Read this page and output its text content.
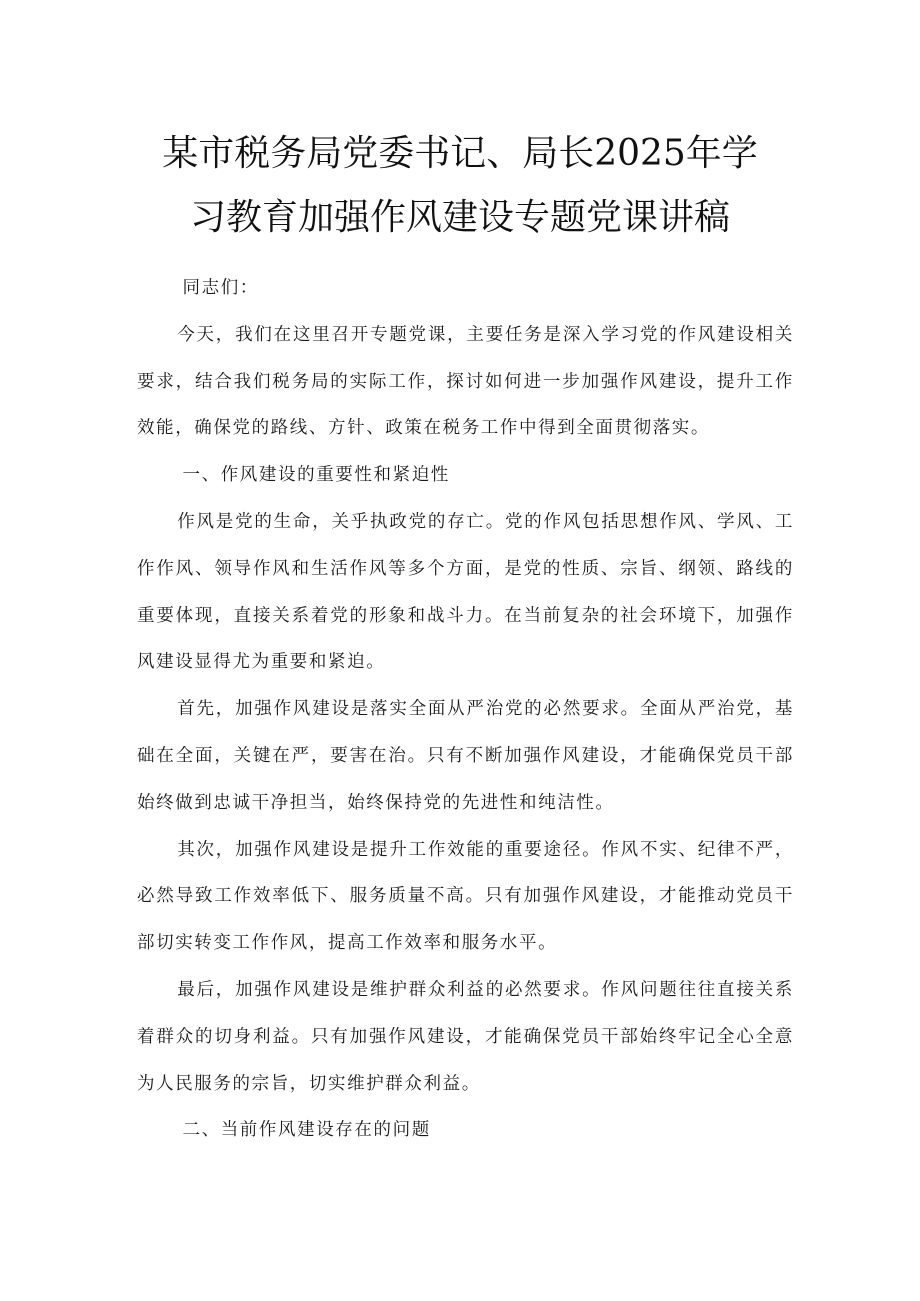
某市税务局党委书记、局长2025年学
习教育加强作风建设专题党课讲稿

同志们：

今天，我们在这里召开专题党课，主要任务是深入学习党的作风建设相关要求，结合我们税务局的实际工作，探讨如何进一步加强作风建设，提升工作效能，确保党的路线、方针、政策在税务工作中得到全面贯彻落实。

一、作风建设的重要性和紧迫性

作风是党的生命，关乎执政党的存亡。党的作风包括思想作风、学风、工作作风、领导作风和生活作风等多个方面，是党的性质、宗旨、纲领、路线的重要体现，直接关系着党的形象和战斗力。在当前复杂的社会环境下，加强作风建设显得尤为重要和紧迫。

首先，加强作风建设是落实全面从严治党的必然要求。全面从严治党，基础在全面，关键在严，要害在治。只有不断加强作风建设，才能确保党员干部始终做到忠诚干净担当，始终保持党的先进性和纯洁性。

其次，加强作风建设是提升工作效能的重要途径。作风不实、纪律不严，必然导致工作效率低下、服务质量不高。只有加强作风建设，才能推动党员干部切实转变工作作风，提高工作效率和服务水平。

最后，加强作风建设是维护群众利益的必然要求。作风问题往往直接关系着群众的切身利益。只有加强作风建设，才能确保党员干部始终牢记全心全意为人民服务的宗旨，切实维护群众利益。

二、当前作风建设存在的问题
